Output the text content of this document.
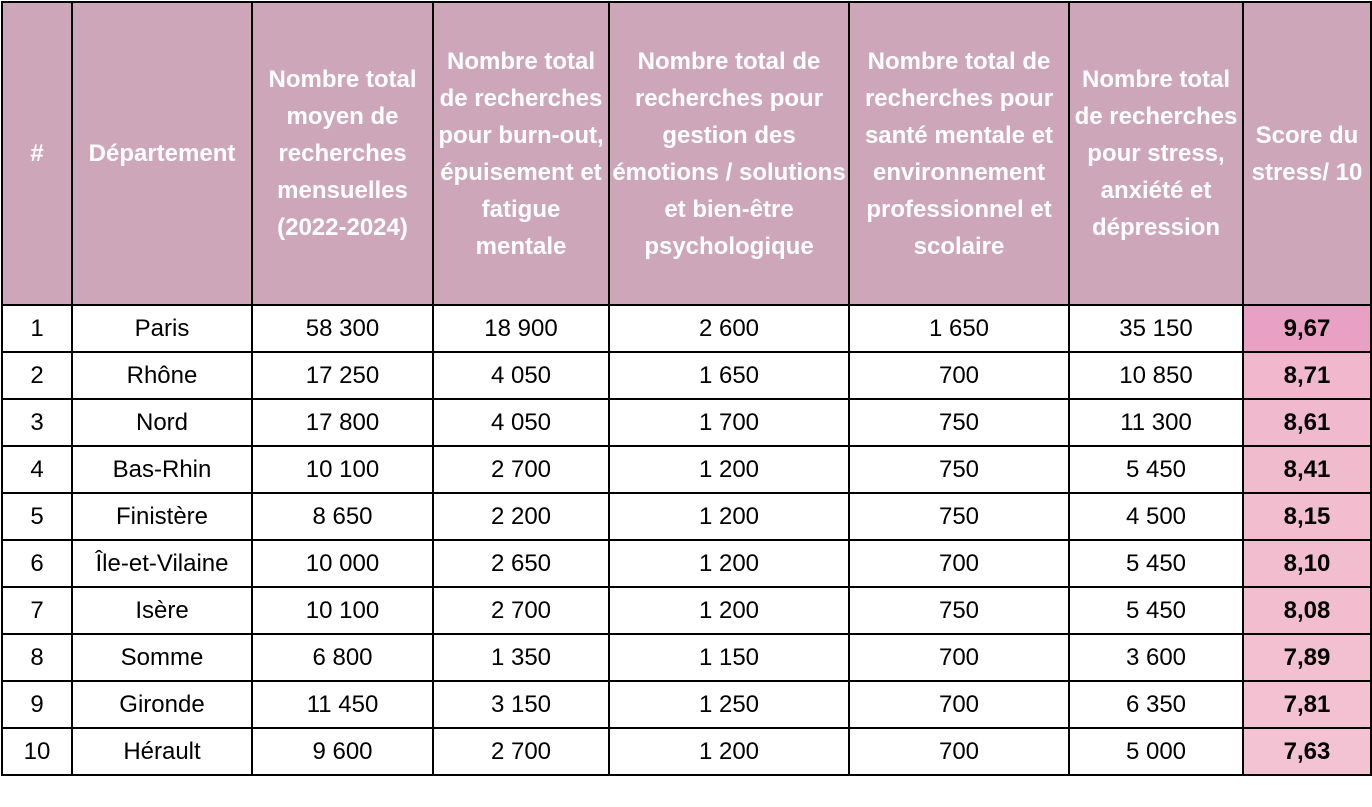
#	Département	Nombre total moyen de recherches mensuelles (2022-2024)	Nombre total de recherches pour burn-out, épuisement et fatigue mentale	Nombre total de recherches pour gestion des émotions / solutions et bien-être psychologique	Nombre total de recherches pour santé mentale et environnement professionnel et scolaire	Nombre total de recherches pour stress, anxiété et dépression	Score du stress/ 10
1	Paris	58 300	18 900	2 600	1 650	35 150	9,67
2	Rhône	17 250	4 050	1 650	700	10 850	8,71
3	Nord	17 800	4 050	1 700	750	11 300	8,61
4	Bas-Rhin	10 100	2 700	1 200	750	5 450	8,41
5	Finistère	8 650	2 200	1 200	750	4 500	8,15
6	Île-et-Vilaine	10 000	2 650	1 200	700	5 450	8,10
7	Isère	10 100	2 700	1 200	750	5 450	8,08
8	Somme	6 800	1 350	1 150	700	3 600	7,89
9	Gironde	11 450	3 150	1 250	700	6 350	7,81
10	Hérault	9 600	2 700	1 200	700	5 000	7,63
